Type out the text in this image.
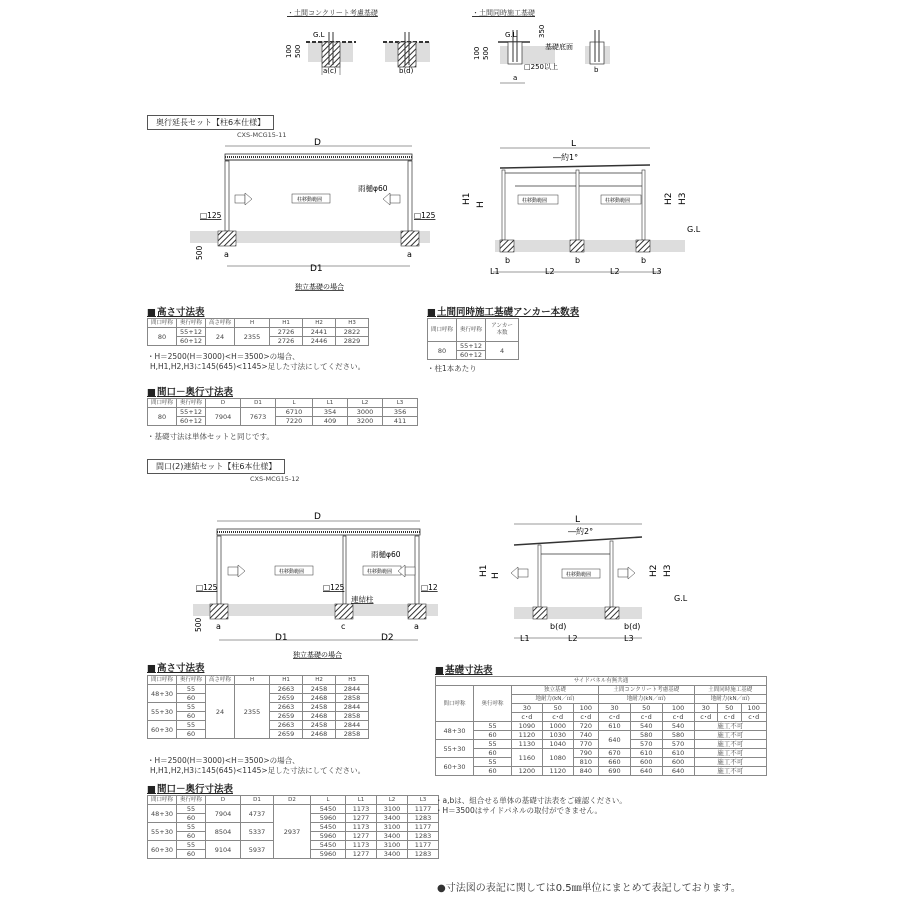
・土間コンクリート考慮基礎	・土間同時施工基礎
G.L
100 500
a(c)	b(d)
G.L
100 500
350
基礎底面
□250以上
a
b
奥行延長セット【柱6本仕様】
CXS-MCG15-11
D
雨樋φ60
柱移動範囲
□125	□125
500	a	a
D1
独立基礎の場合
L
―約1°
柱移動範囲	柱移動範囲
H1 H	H2 H3
G.L
b	b	b
L1	L2	L2	L3
■ 高さ寸法表
間口呼称	奥行呼称	高さ呼称	H	H1	H2	H3
80	55+12	24	2355	2726	2441	2822
	60+12			2726	2446	2829
・H＝2500(H＝3000)<H＝3500>の場合、
H,H1,H2,H3に145(645)<1145>足した寸法にしてください。
■ 土間同時施工基礎アンカー本数表
間口呼称	奥行呼称	アンカー本数
80	55+12	4
	60+12	
・柱1本あたり
■ 間口－奥行寸法表
間口呼称	奥行呼称	D	D1	L	L1	L2	L3
80	55+12	7904	7673	6710	354	3000	356
	60+12			7220	409	3200	411
・基礎寸法は単体セットと同じです。
間口(2)連結セット【柱6本仕様】
CXS-MCG15-12
D
雨樋φ60
柱移動範囲	柱移動範囲
□125	□125	□12
連結柱
500 a	c	a
D1	D2
独立基礎の場合
L
―約2°
柱移動範囲
H1 H	H2 H3
G.L
b(d)	b(d)
L1	L2	L3
■ 高さ寸法表
間口呼称	奥行呼称	高さ呼称	H	H1	H2	H3
48+30	55	24	2355	2663	2458	2844
	60			2659	2468	2858
55+30	55			2663	2458	2844
	60			2659	2468	2858
60+30	55			2663	2458	2844
	60			2659	2468	2858
・H＝2500(H＝3000)<H＝3500>の場合、
H,H1,H2,H3に145(645)<1145>足した寸法にしてください。
■ 間口－奥行寸法表
間口呼称	奥行呼称	D	D1	D2	L	L1	L2	L3
48+30	55	7904	4737	2937	5450	1173	3100	1177
	60				5960	1277	3400	1283
55+30	55	8504	5337		5450	1173	3100	1177
	60				5960	1277	3400	1283
60+30	55	9104	5937		5450	1173	3100	1177
	60				5960	1277	3400	1283
■ 基礎寸法表
サイドパネル有無共通										
間口呼称	奥行呼称	独立基礎			土間コンクリート考慮基礎			土間同時施工基礎		
		地耐力(kN／㎡)			地耐力(kN／㎡)			地耐力(kN／㎡)		
		30	50	100	30	50	100	30	50	100
		c･d	c･d	c･d	c･d	c･d	c･d	c･d	c･d	c･d
48+30	55	1090	1000	720	610	540	540	施工不可		
	60	1120	1030	740	640	580	580	施工不可		
55+30	55	1130	1040	770		570	570	施工不可		
	60	1160	1080	790	670	610	610	施工不可		
60+30	55			810	660	600	600	施工不可		
	60	1200	1120	840	690	640	640	施工不可		
・a,bは、組合せる単体の基礎寸法表をご確認ください。
・H＝3500はサイドパネルの取付ができません。
●寸法図の表記に関しては0.5㎜単位にまとめて表記しております。
